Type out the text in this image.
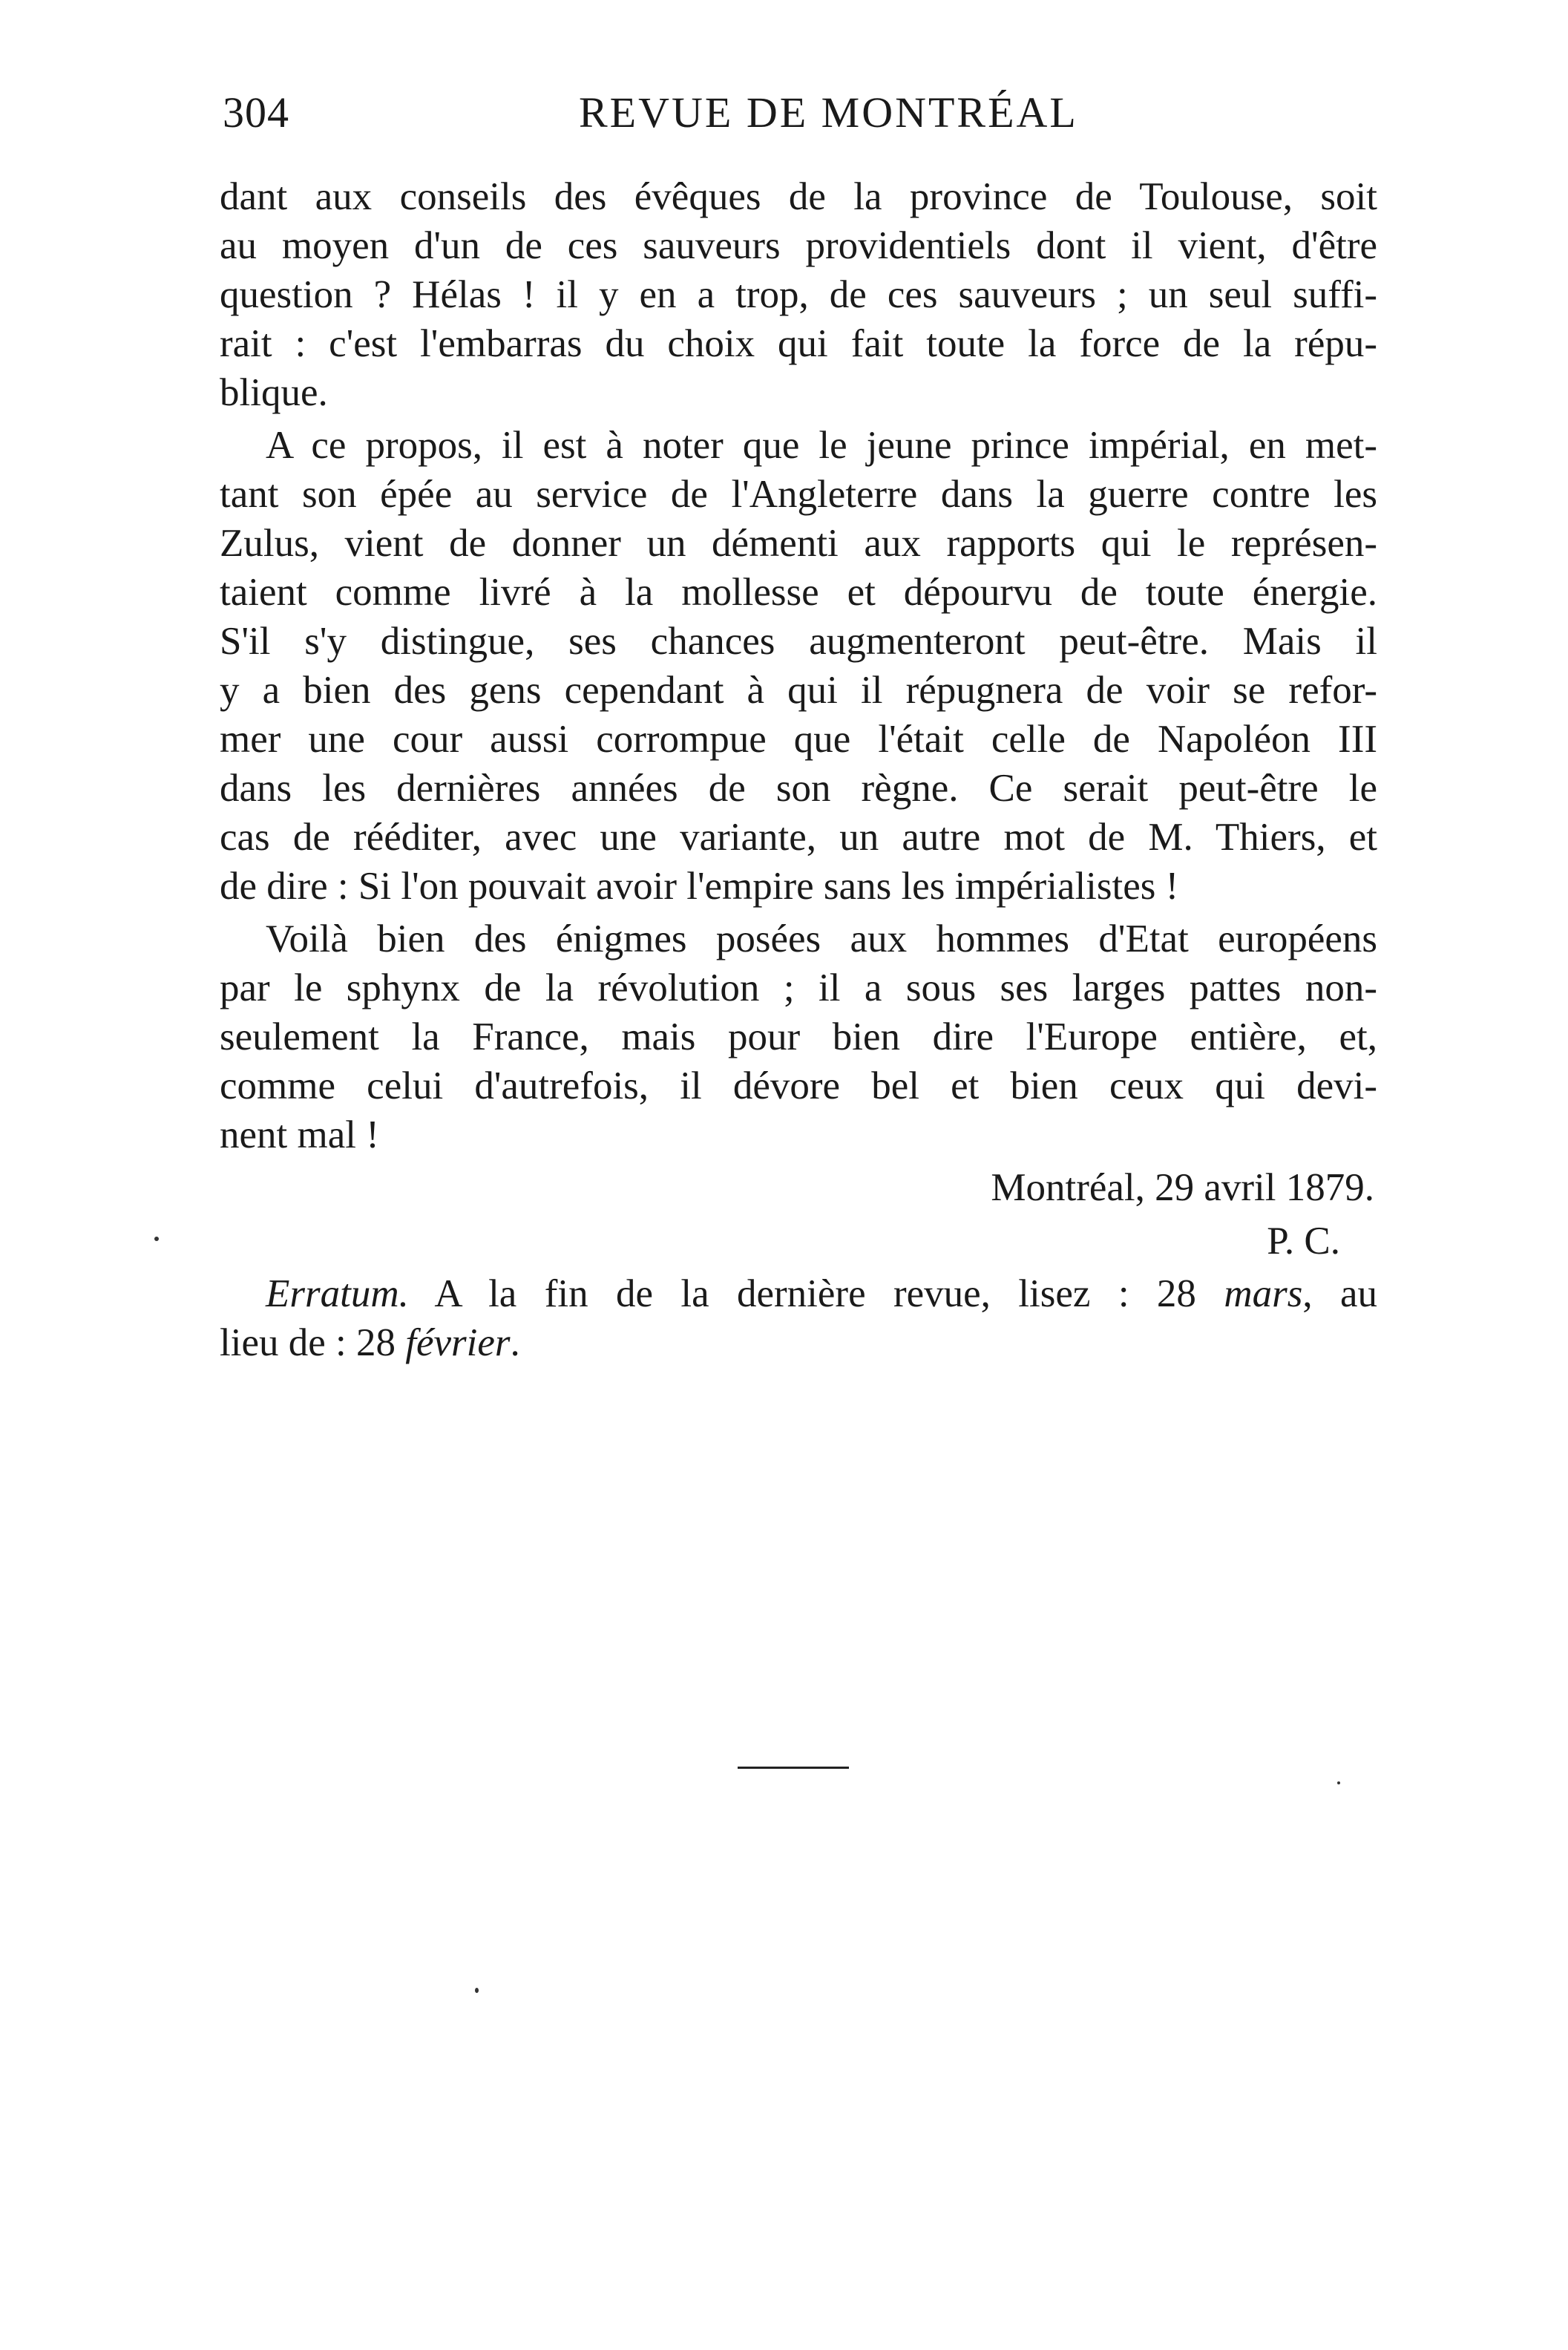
304	REVUE DE MONTRÉAL
dant aux conseils des évêques de la province de Toulouse, soit
au moyen d'un de ces sauveurs providentiels dont il vient, d'être
question ? Hélas ! il y en a trop, de ces sauveurs ; un seul suffi-
rait : c'est l'embarras du choix qui fait toute la force de la répu-
blique.
A ce propos, il est à noter que le jeune prince impérial, en met-
tant son épée au service de l'Angleterre dans la guerre contre les
Zulus, vient de donner un démenti aux rapports qui le représen-
taient comme livré à la mollesse et dépourvu de toute énergie.
S'il s'y distingue, ses chances augmenteront peut-être. Mais il
y a bien des gens cependant à qui il répugnera de voir se refor-
mer une cour aussi corrompue que l'était celle de Napoléon III
dans les dernières années de son règne. Ce serait peut-être le
cas de rééditer, avec une variante, un autre mot de M. Thiers, et
de dire : Si l'on pouvait avoir l'empire sans les impérialistes !
Voilà bien des énigmes posées aux hommes d'Etat européens
par le sphynx de la révolution ; il a sous ses larges pattes non-
seulement la France, mais pour bien dire l'Europe entière, et,
comme celui d'autrefois, il dévore bel et bien ceux qui devi-
nent mal !
Montréal, 29 avril 1879.
P. C.
Erratum. A la fin de la dernière revue, lisez : 28 mars, au
lieu de : 28 février.
